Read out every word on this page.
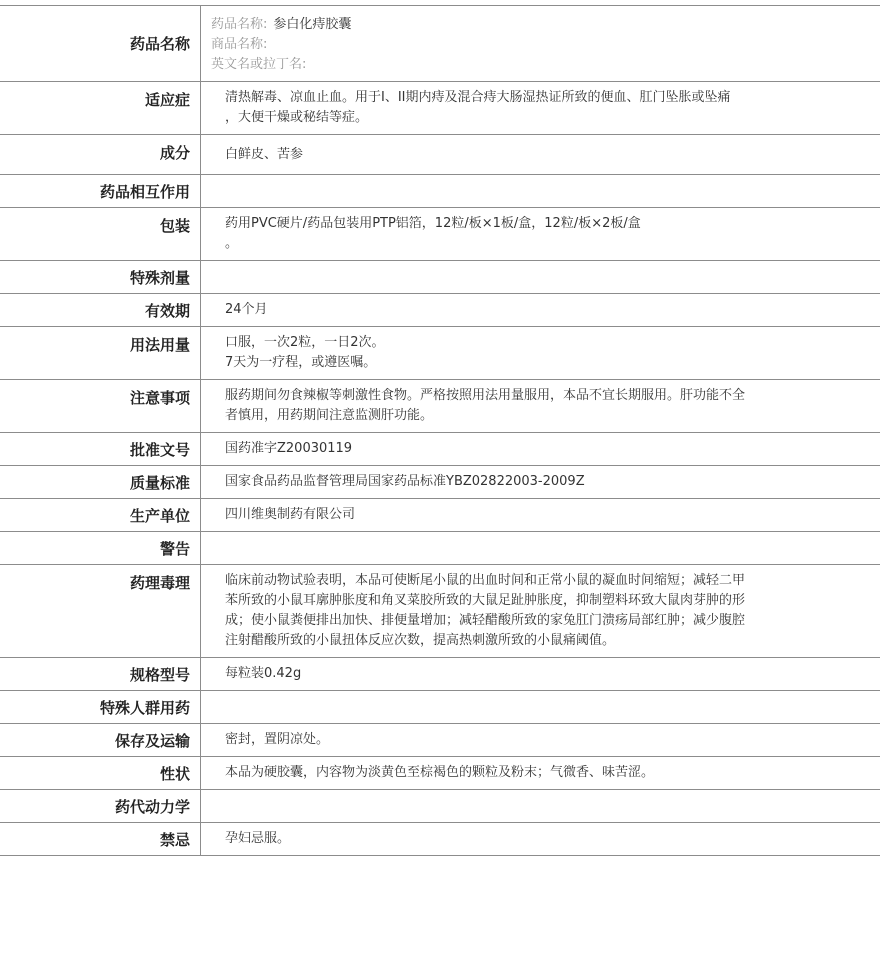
药品名称	药品名称: 参白化痔胶囊
商品名称:
英文名或拉丁名:

适应症	清热解毒、凉血止血。用于I、II期内痔及混合痔大肠湿热证所致的便血、肛门坠胀或坠痛
，大便干燥或秘结等症。

成分	白鲜皮、苦参
药品相互作用	
包装	药用PVC硬片/药品包装用PTP铝箔，12粒/板×1板/盒，12粒/板×2板/盒
。

特殊剂量	
有效期	24个月
用法用量	口服，一次2粒，一日2次。
7天为一疗程，或遵医嘱。

注意事项	服药期间勿食辣椒等刺激性食物。严格按照用法用量服用，本品不宜长期服用。肝功能不全
者慎用，用药期间注意监测肝功能。

批准文号	国药准字Z20030119
质量标准	国家食品药品监督管理局国家药品标准YBZ02822003-2009Z
生产单位	四川维奥制药有限公司
警告	
药理毒理	临床前动物试验表明，本品可使断尾小鼠的出血时间和正常小鼠的凝血时间缩短；减轻二甲
苯所致的小鼠耳廓肿胀度和角叉菜胶所致的大鼠足趾肿胀度，抑制塑料环致大鼠肉芽肿的形
成；使小鼠粪便排出加快、排便量增加；减轻醋酸所致的家兔肛门溃疡局部红肿；减少腹腔
注射醋酸所致的小鼠扭体反应次数，提高热刺激所致的小鼠痛阈值。

规格型号	每粒装0.42g
特殊人群用药	
保存及运输	密封，置阴凉处。
性状	本品为硬胶囊，内容物为淡黄色至棕褐色的颗粒及粉末；气微香、味苦涩。
药代动力学	
禁忌	孕妇忌服。
